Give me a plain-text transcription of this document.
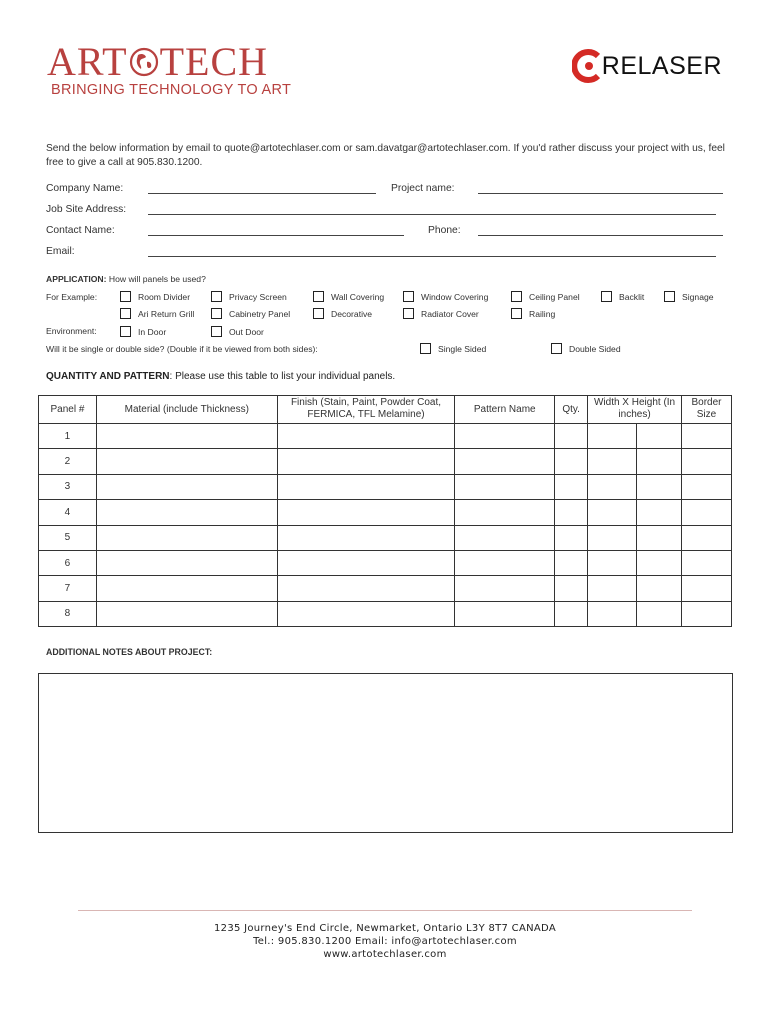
ART TECH
BRINGING TECHNOLOGY TO ART
RELASER
Send the below information by email to quote@artotechlaser.com or sam.davatgar@artotechlaser.com. If you'd rather discuss your project with us, feel free to give a call at 905.830.1200.
Company Name:	Project name:
Job Site Address:
Contact Name:	Phone:
Email:
APPLICATION: How will panels be used?
For Example:	Room Divider	Privacy Screen	Wall Covering	Window Covering	Ceiling Panel	Backlit	Signage
Ari Return Grill	Cabinetry Panel	Decorative	Radiator Cover	Railing
Environment:	In Door	Out Door
Will it be single or double side? (Double if it be viewed from both sides):	Single Sided	Double Sided
QUANTITY AND PATTERN: Please use this table to list your individual panels.
Panel #	Material (include Thickness)	Finish (Stain, Paint, Powder Coat, FERMICA, TFL Melamine)	Pattern Name	Qty.	Width X Height (In inches)		Border Size
1							
2							
3							
4							
5							
6							
7							
8							
ADDITIONAL NOTES ABOUT PROJECT:
1235 Journey's End Circle, Newmarket, Ontario L3Y 8T7 CANADA
Tel.: 905.830.1200 Email: info@artotechlaser.com
www.artotechlaser.com
